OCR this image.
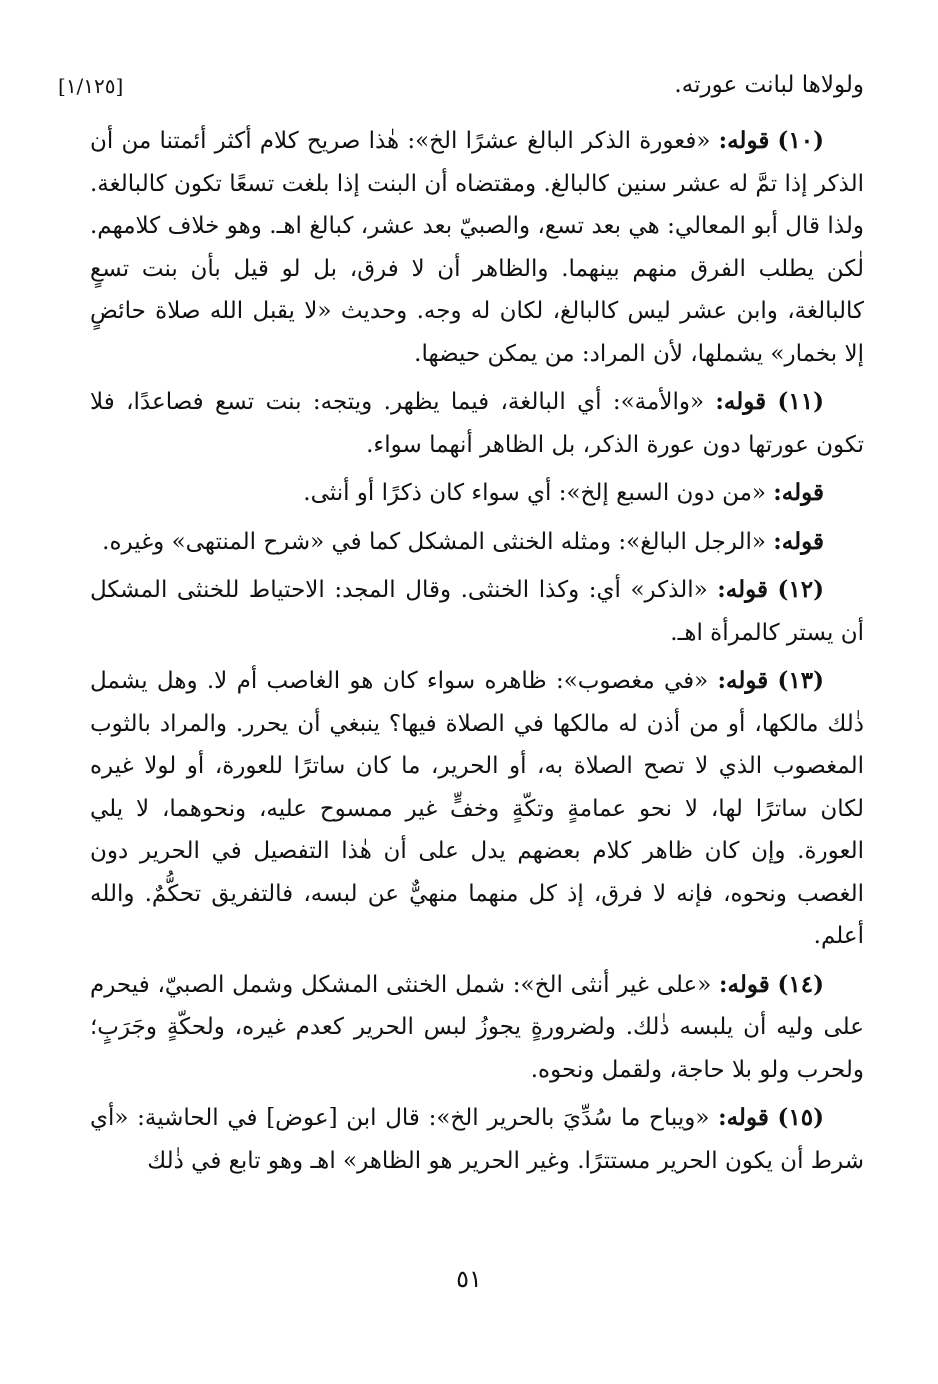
ولولاها لبانت عورته.
[١/١٢٥]

(١٠) قوله: «فعورة الذكر البالغ عشرًا الخ»: هٰذا صريح كلام أكثر أئمتنا من أن الذكر إذا تمَّ له عشر سنين كالبالغ. ومقتضاه أن البنت إذا بلغت تسعًا تكون كالبالغة. ولذا قال أبو المعالي: هي بعد تسع، والصبيّ بعد عشر، كبالغ اهـ. وهو خلاف كلامهم. لٰكن يطلب الفرق منهم بينهما. والظاهر أن لا فرق، بل لو قيل بأن بنت تسعٍ كالبالغة، وابن عشر ليس كالبالغ، لكان له وجه. وحديث «لا يقبل الله صلاة حائضٍ إلا بخمار» يشملها، لأن المراد: من يمكن حيضها.

(١١) قوله: «والأمة»: أي البالغة، فيما يظهر. ويتجه: بنت تسع فصاعدًا، فلا تكون عورتها دون عورة الذكر، بل الظاهر أنهما سواء.

قوله: «من دون السبع إلخ»: أي سواء كان ذكرًا أو أنثى.

قوله: «الرجل البالغ»: ومثله الخنثى المشكل كما في «شرح المنتهى» وغيره.

(١٢) قوله: «الذكر» أي: وكذا الخنثى. وقال المجد: الاحتياط للخنثى المشكل أن يستر كالمرأة اهـ.

(١٣) قوله: «في مغصوب»: ظاهره سواء كان هو الغاصب أم لا. وهل يشمل ذٰلك مالكها، أو من أذن له مالكها في الصلاة فيها؟ ينبغي أن يحرر. والمراد بالثوب المغصوب الذي لا تصح الصلاة به، أو الحرير، ما كان ساترًا للعورة، أو لولا غيره لكان ساترًا لها، لا نحو عمامةٍ وتكّةٍ وخفٍّ غير ممسوح عليه، ونحوهما، لا يلي العورة. وإن كان ظاهر كلام بعضهم يدل على أن هٰذا التفصيل في الحرير دون الغصب ونحوه، فإنه لا فرق، إذ كل منهما منهيٌّ عن لبسه، فالتفريق تحكُّمٌ. والله أعلم.

(١٤) قوله: «على غير أنثى الخ»: شمل الخنثى المشكل وشمل الصبيّ، فيحرم على وليه أن يلبسه ذٰلك. ولضرورةٍ يجوزُ لبس الحرير كعدم غيره، ولحكّةٍ وجَرَبٍ؛ ولحرب ولو بلا حاجة، ولقمل ونحوه.

(١٥) قوله: «ويباح ما سُدِّيَ بالحرير الخ»: قال ابن [عوض] في الحاشية: «أي شرط أن يكون الحرير مستترًا. وغير الحرير هو الظاهر» اهـ وهو تابع في ذٰلك

٥١
